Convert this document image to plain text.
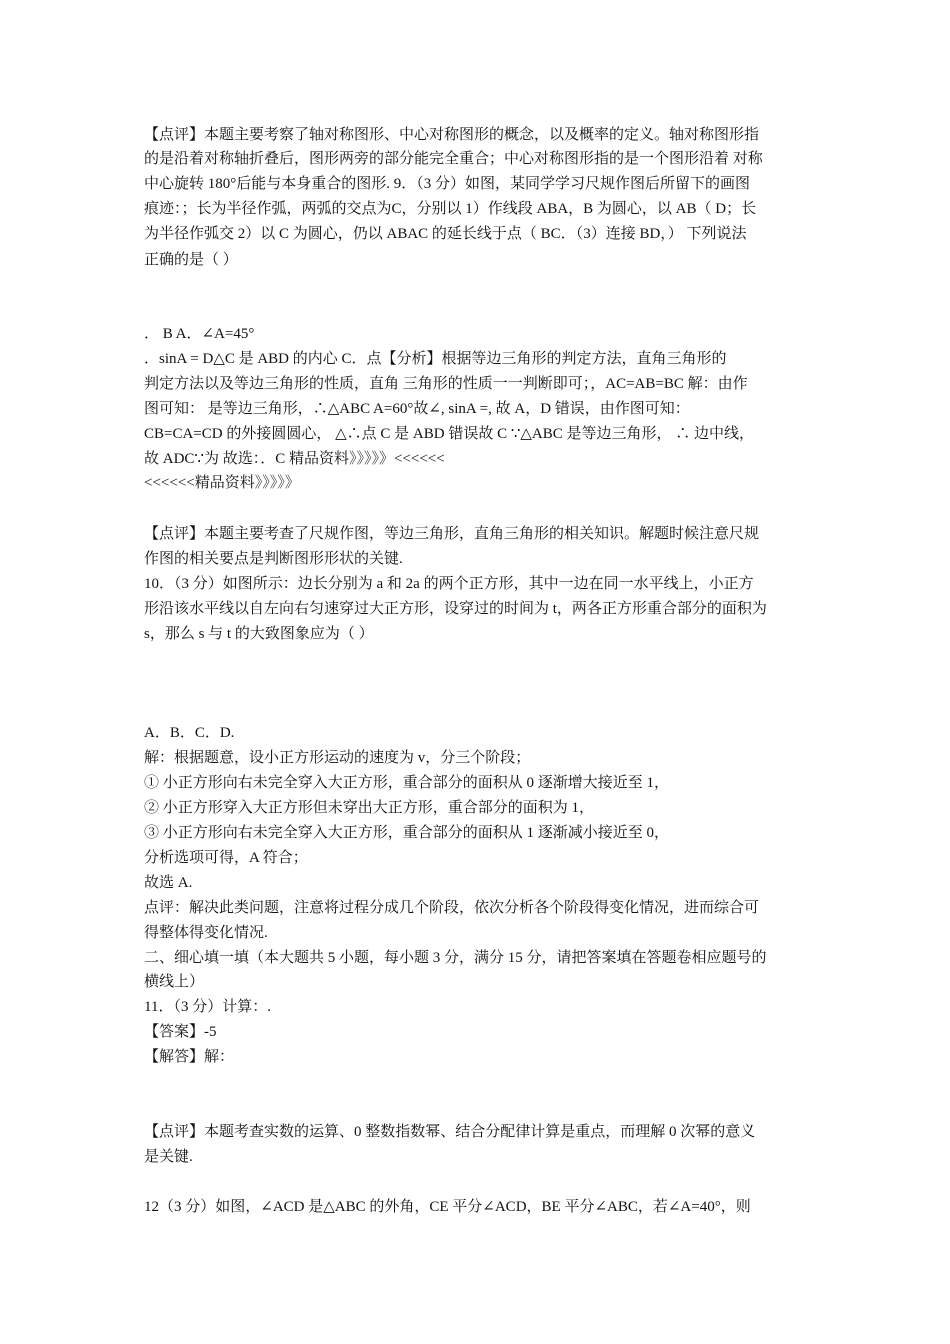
【点评】本题主要考察了轴对称图形、中心对称图形的概念，以及概率的定义。轴对称图形指
的是沿着对称轴折叠后，图形两旁的部分能完全重合；中心对称图形指的是一个图形沿着 对称
中心旋转 180°后能与本身重合的图形. 9．（3 分）如图，某同学学习尺规作图后所留下的画图
痕迹：；长为半径作弧，两弧的交点为C，分别以 1）作线段 ABA，B 为圆心，以 AB（ D；长
为半径作弧交 2）以 C 为圆心，仍以 ABAC 的延长线于点（ BC．（3）连接 BD，） 下列说法
正确的是（ ）
． B A．∠A=45°
．sinA = D△C 是 ABD 的内心 C．点【分析】根据等边三角形的判定方法，直角三角形的
判定方法以及等边三角形的性质，直角 三角形的性质一一判断即可；，AC=AB=BC 解：由作
图可知： 是等边三角形，∴△ABC A=60°故∠, sinA =, 故 A，D 错误，由作图可知：
CB=CA=CD 的外接圆圆心， △∴点 C 是 ABD 错误故 C ∵△ABC 是等边三角形， ∴ 边中线，
故 ADC∵为 故选：．C 精品资料》》》》》<<<<<<
<<<<<<精品资料》》》》》
【点评】本题主要考查了尺规作图，等边三角形，直角三角形的相关知识。解题时候注意尺规
作图的相关要点是判断图形形状的关键.
10．（3 分）如图所示：边长分别为 a 和 2a 的两个正方形，其中一边在同一水平线上，小正方
形沿该水平线以自左向右匀速穿过大正方形，设穿过的时间为 t，两各正方形重合部分的面积为
s，那么 s 与 t 的大致图象应为（ ）
A．B．C．D.
解：根据题意，设小正方形运动的速度为 v，分三个阶段；
① 小正方形向右未完全穿入大正方形，重合部分的面积从 0 逐渐增大接近至 1，
② 小正方形穿入大正方形但未穿出大正方形，重合部分的面积为 1，
③ 小正方形向右未完全穿入大正方形，重合部分的面积从 1 逐渐减小接近至 0，
分析选项可得，A 符合；
故选 A.
点评：解决此类问题，注意将过程分成几个阶段，依次分析各个阶段得变化情况，进而综合可
得整体得变化情况.
二、细心填一填（本大题共 5 小题，每小题 3 分，满分 15 分，请把答案填在答题卷相应题号的
横线上）
11．（3 分）计算：.
【答案】-5
【解答】解：
【点评】本题考查实数的运算、0 整数指数幂、结合分配律计算是重点，而理解 0 次幂的意义
是关键.
12（3 分）如图，∠ACD 是△ABC 的外角，CE 平分∠ACD，BE 平分∠ABC，若∠A=40°，则
